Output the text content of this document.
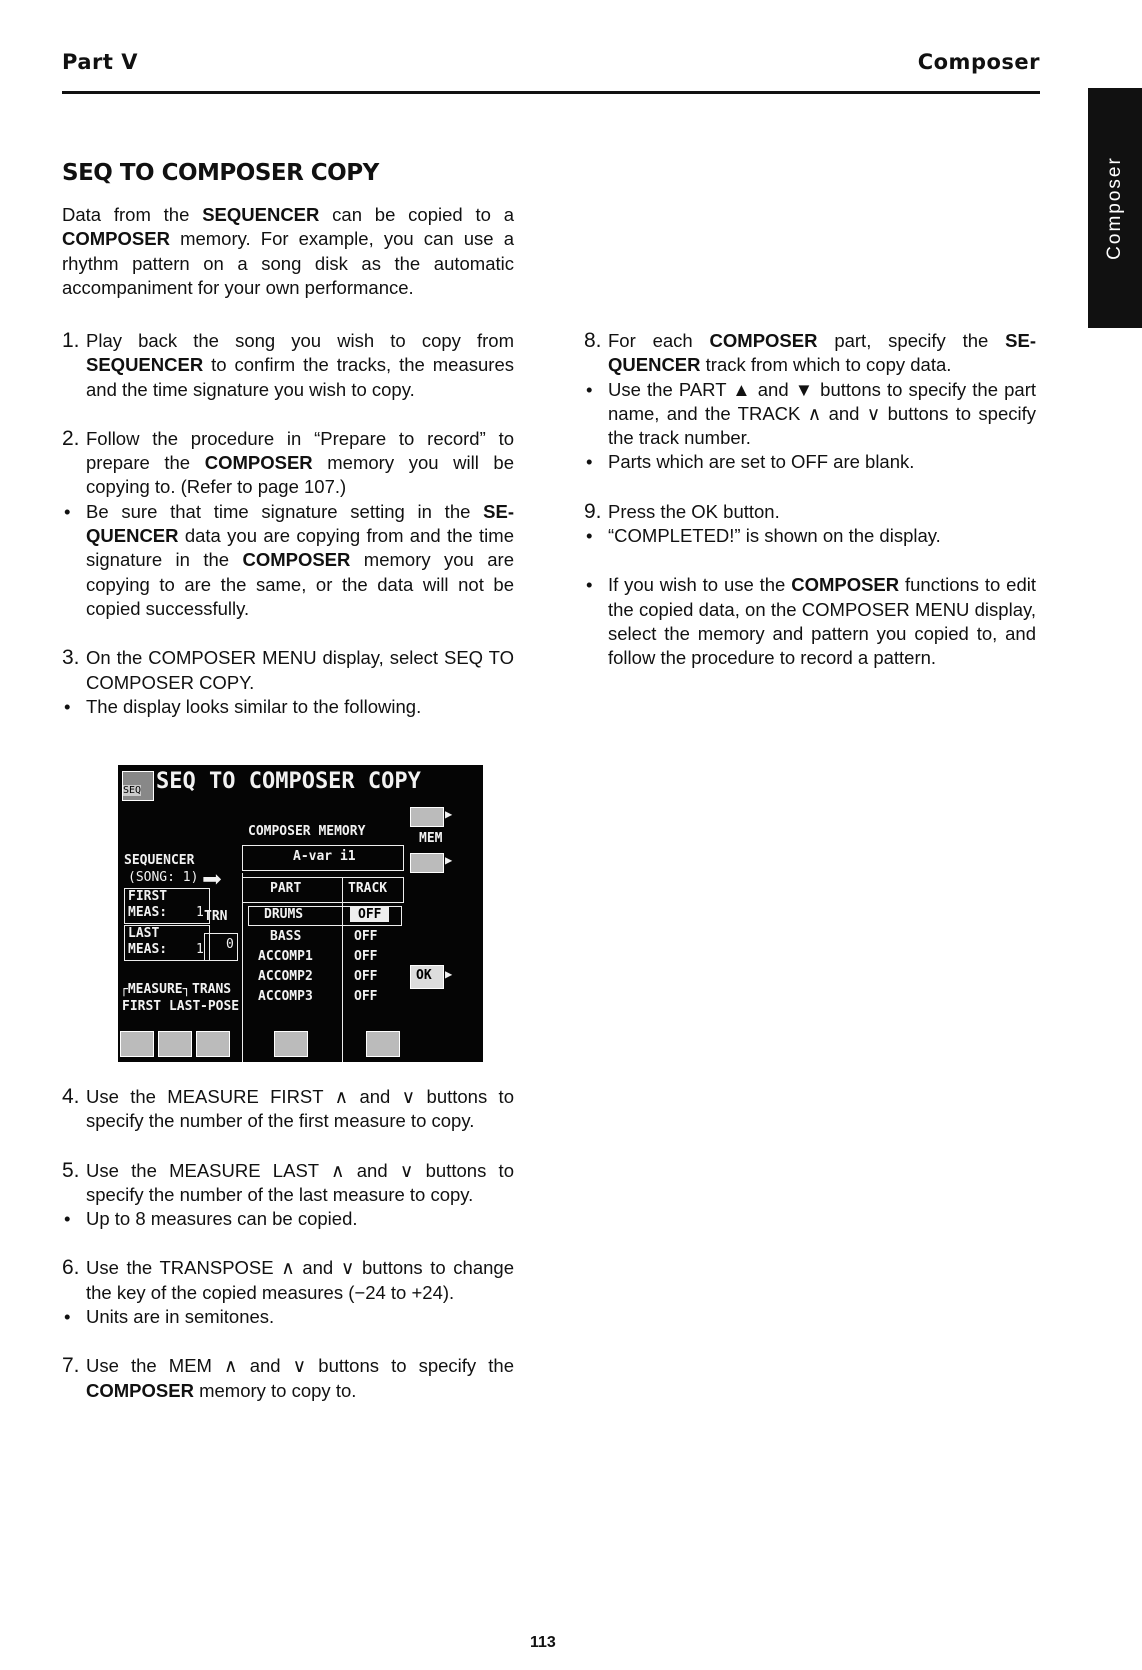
Part V	Composer
Composer
SEQ TO COMPOSER COPY

Data from the SEQUENCER can be copied to a COMPOSER memory. For example, you can use a rhythm pattern on a song disk as the automatic accompaniment for your own performance.

1. Play back the song you wish to copy from SEQUENCER to confirm the tracks, the measures and the time signature you wish to copy.
2. Follow the procedure in “Prepare to record” to prepare the COMPOSER memory you will be copying to. (Refer to page 107.)
• Be sure that time signature setting in the SE-QUENCER data you are copying from and the time signature in the COMPOSER memory you are copying to are the same, or the data will not be copied successfully.
3. On the COMPOSER MENU display, select SEQ TO COMPOSER COPY.
• The display looks similar to the following.
SEQ SEQ TO COMPOSER COPY
COMPOSER MEMORY
A-var i1
▶
MEM
▶
SEQUENCER
(SONG: 1) ➡
FIRST
MEAS: 1 TRN
LAST
MEAS: 1 0
┌MEASURE┐ TRANS
FIRST LAST -POSE
PART	TRACK
DRUMS	OFF
BASS	OFF
ACCOMP1	OFF
ACCOMP2	OFF
ACCOMP3	OFF
OK ▶
4. Use the MEASURE FIRST ∧ and ∨ buttons to specify the number of the first measure to copy.
5. Use the MEASURE LAST ∧ and ∨ buttons to specify the number of the last measure to copy.
• Up to 8 measures can be copied.
6. Use the TRANSPOSE ∧ and ∨ buttons to change the key of the copied measures (−24 to +24).
• Units are in semitones.
7. Use the MEM ∧ and ∨ buttons to specify the COMPOSER memory to copy to.
8. For each COMPOSER part, specify the SE-QUENCER track from which to copy data.
• Use the PART ▲ and ▼ buttons to specify the part name, and the TRACK ∧ and ∨ buttons to specify the track number.
• Parts which are set to OFF are blank.
9. Press the OK button.
• “COMPLETED!” is shown on the display.
• If you wish to use the COMPOSER functions to edit the copied data, on the COMPOSER MENU display, select the memory and pattern you copied to, and follow the procedure to record a pattern.
113
